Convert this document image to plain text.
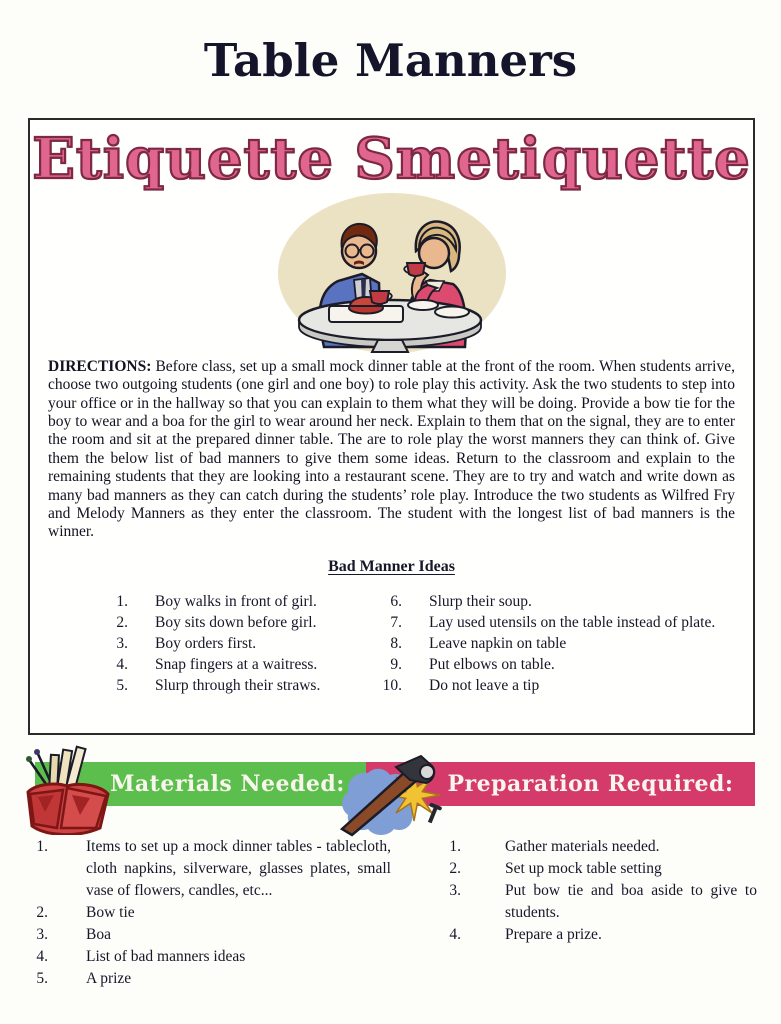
Table Manners
Etiquette Smetiquette
DIRECTIONS: Before class, set up a small mock dinner table at the front of the room. When students arrive, choose two outgoing students (one girl and one boy) to role play this activity. Ask the two students to step into your office or in the hallway so that you can explain to them what they will be doing. Provide a bow tie for the boy to wear and a boa for the girl to wear around her neck. Explain to them that on the signal, they are to enter the room and sit at the prepared dinner table. The are to role play the worst manners they can think of. Give them the below list of bad manners to give them some ideas. Return to the classroom and explain to the remaining students that they are looking into a restaurant scene. They are to try and watch and write down as many bad manners as they can catch during the students’ role play. Introduce the two students as Wilfred Fry and Melody Manners as they enter the classroom. The student with the longest list of bad manners is the winner.
Bad Manner Ideas
1. Boy walks in front of girl.
2. Boy sits down before girl.
3. Boy orders first.
4. Snap fingers at a waitress.
5. Slurp through their straws.
6. Slurp their soup.
7. Lay used utensils on the table instead of plate.
8. Leave napkin on table
9. Put elbows on table.
10. Do not leave a tip
Materials Needed:	Preparation Required:
1. Items to set up a mock dinner tables - tablecloth, cloth napkins, silverware, glasses plates, small vase of flowers, candles, etc...
2. Bow tie
3. Boa
4. List of bad manners ideas
5. A prize
1.	Gather materials needed.
2.	Set up mock table setting
3.	Put bow tie and boa aside to give to students.
4.	Prepare a prize.
